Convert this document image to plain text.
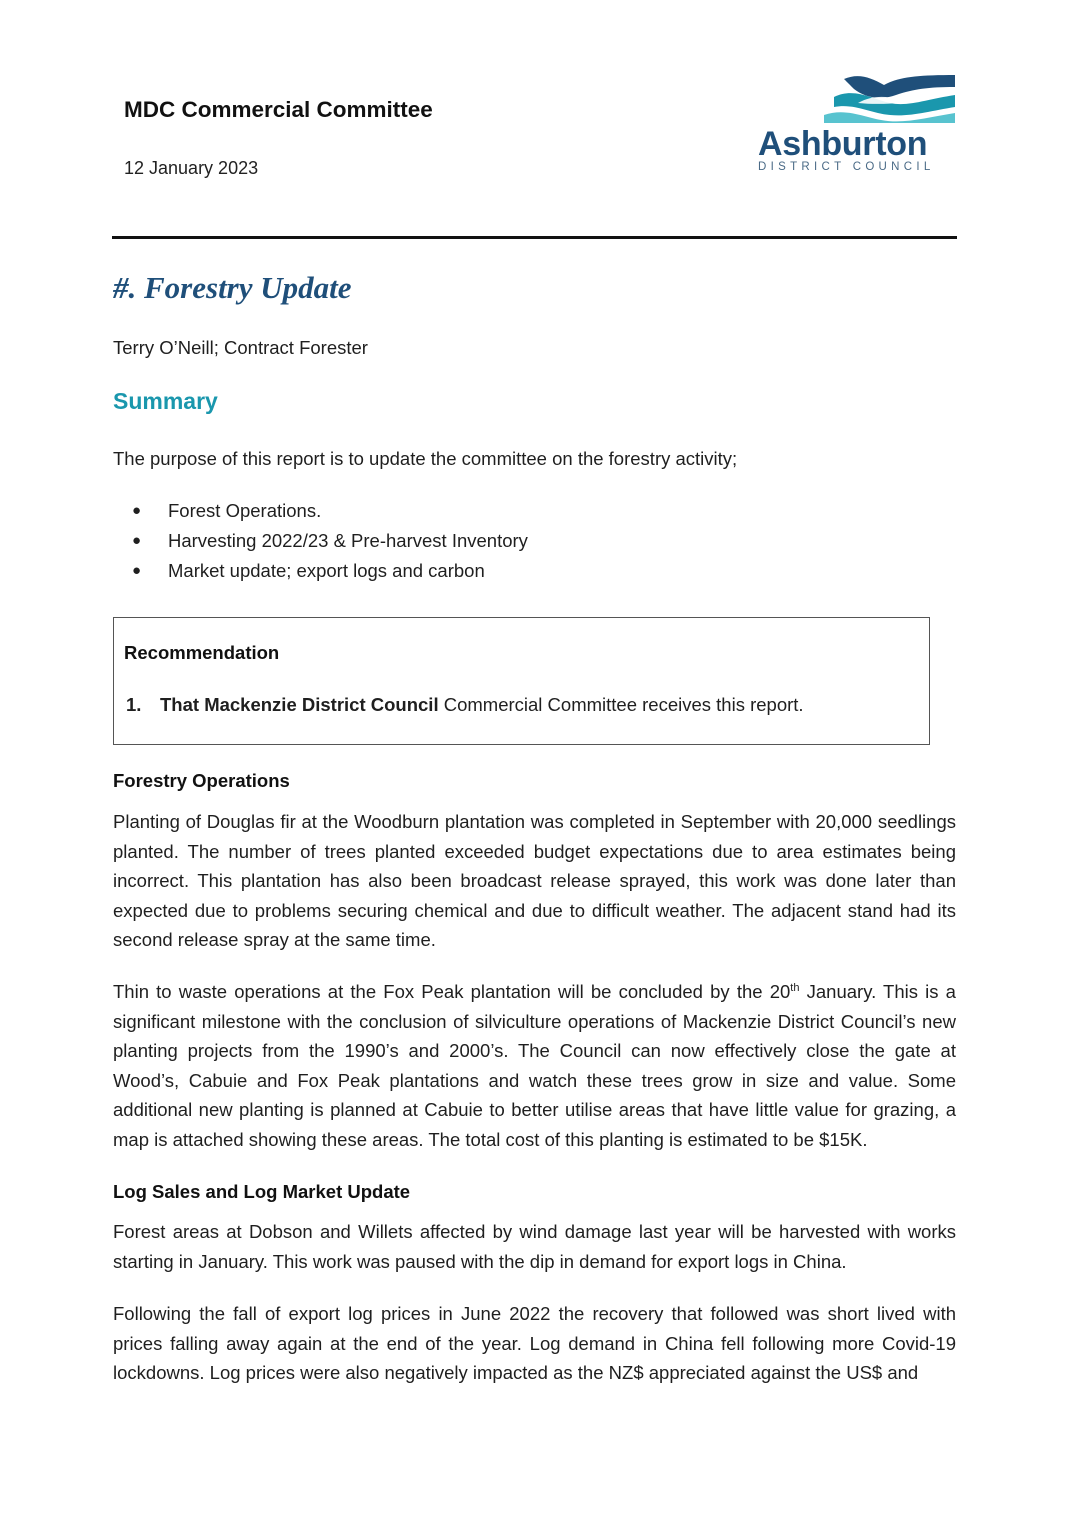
MDC Commercial Committee
12 January 2023
Ashburton
DISTRICT COUNCIL
#. Forestry Update
Terry O’Neill; Contract Forester
Summary
The purpose of this report is to update the committee on the forestry activity;
●	Forest Operations.
●	Harvesting 2022/23 & Pre-harvest Inventory
●	Market update; export logs and carbon
Recommendation
1. That Mackenzie District Council Commercial Committee receives this report.
Forestry Operations
Planting of Douglas fir at the Woodburn plantation was completed in September with 20,000 seedlings planted. The number of trees planted exceeded budget expectations due to area estimates being incorrect. This plantation has also been broadcast release sprayed, this work was done later than expected due to problems securing chemical and due to difficult weather. The adjacent stand had its second release spray at the same time.
Thin to waste operations at the Fox Peak plantation will be concluded by the 20th January. This is a significant milestone with the conclusion of silviculture operations of Mackenzie District Council’s new planting projects from the 1990’s and 2000’s. The Council can now effectively close the gate at Wood’s, Cabuie and Fox Peak plantations and watch these trees grow in size and value. Some additional new planting is planned at Cabuie to better utilise areas that have little value for grazing, a map is attached showing these areas. The total cost of this planting is estimated to be $15K.
Log Sales and Log Market Update
Forest areas at Dobson and Willets affected by wind damage last year will be harvested with works starting in January. This work was paused with the dip in demand for export logs in China.
Following the fall of export log prices in June 2022 the recovery that followed was short lived with prices falling away again at the end of the year. Log demand in China fell following more Covid-19 lockdowns. Log prices were also negatively impacted as the NZ$ appreciated against the US$ and
